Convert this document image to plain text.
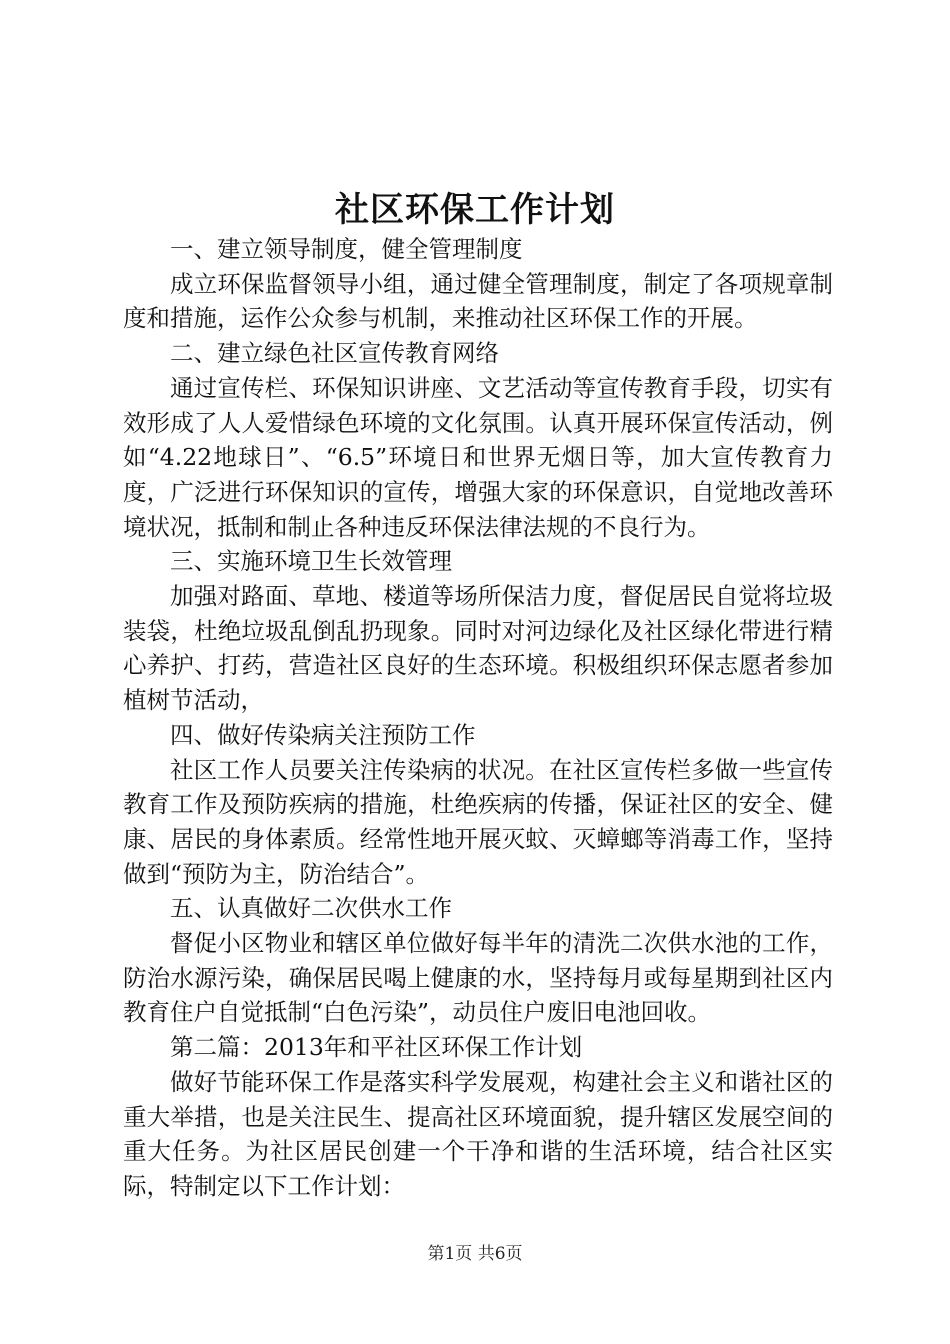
社区环保工作计划

一、建立领导制度，健全管理制度

成立环保监督领导小组，通过健全管理制度，制定了各项规章制度和措施，运作公众参与机制，来推动社区环保工作的开展。

二、建立绿色社区宣传教育网络

通过宣传栏、环保知识讲座、文艺活动等宣传教育手段，切实有效形成了人人爱惜绿色环境的文化氛围。认真开展环保宣传活动，例如“4.22地球日”、“6.5”环境日和世界无烟日等，加大宣传教育力度，广泛进行环保知识的宣传，增强大家的环保意识，自觉地改善环境状况，抵制和制止各种违反环保法律法规的不良行为。

三、实施环境卫生长效管理

加强对路面、草地、楼道等场所保洁力度，督促居民自觉将垃圾装袋，杜绝垃圾乱倒乱扔现象。同时对河边绿化及社区绿化带进行精心养护、打药，营造社区良好的生态环境。积极组织环保志愿者参加植树节活动，

四、做好传染病关注预防工作

社区工作人员要关注传染病的状况。在社区宣传栏多做一些宣传教育工作及预防疾病的措施，杜绝疾病的传播，保证社区的安全、健康、居民的身体素质。经常性地开展灭蚊、灭蟑螂等消毒工作，坚持做到“预防为主，防治结合”。

五、认真做好二次供水工作

督促小区物业和辖区单位做好每半年的清洗二次供水池的工作，防治水源污染，确保居民喝上健康的水，坚持每月或每星期到社区内教育住户自觉抵制“白色污染”，动员住户废旧电池回收。

第二篇：2013年和平社区环保工作计划

做好节能环保工作是落实科学发展观，构建社会主义和谐社区的重大举措，也是关注民生、提高社区环境面貌，提升辖区发展空间的重大任务。为社区居民创建一个干净和谐的生活环境，结合社区实际，特制定以下工作计划：

第1页 共6页
